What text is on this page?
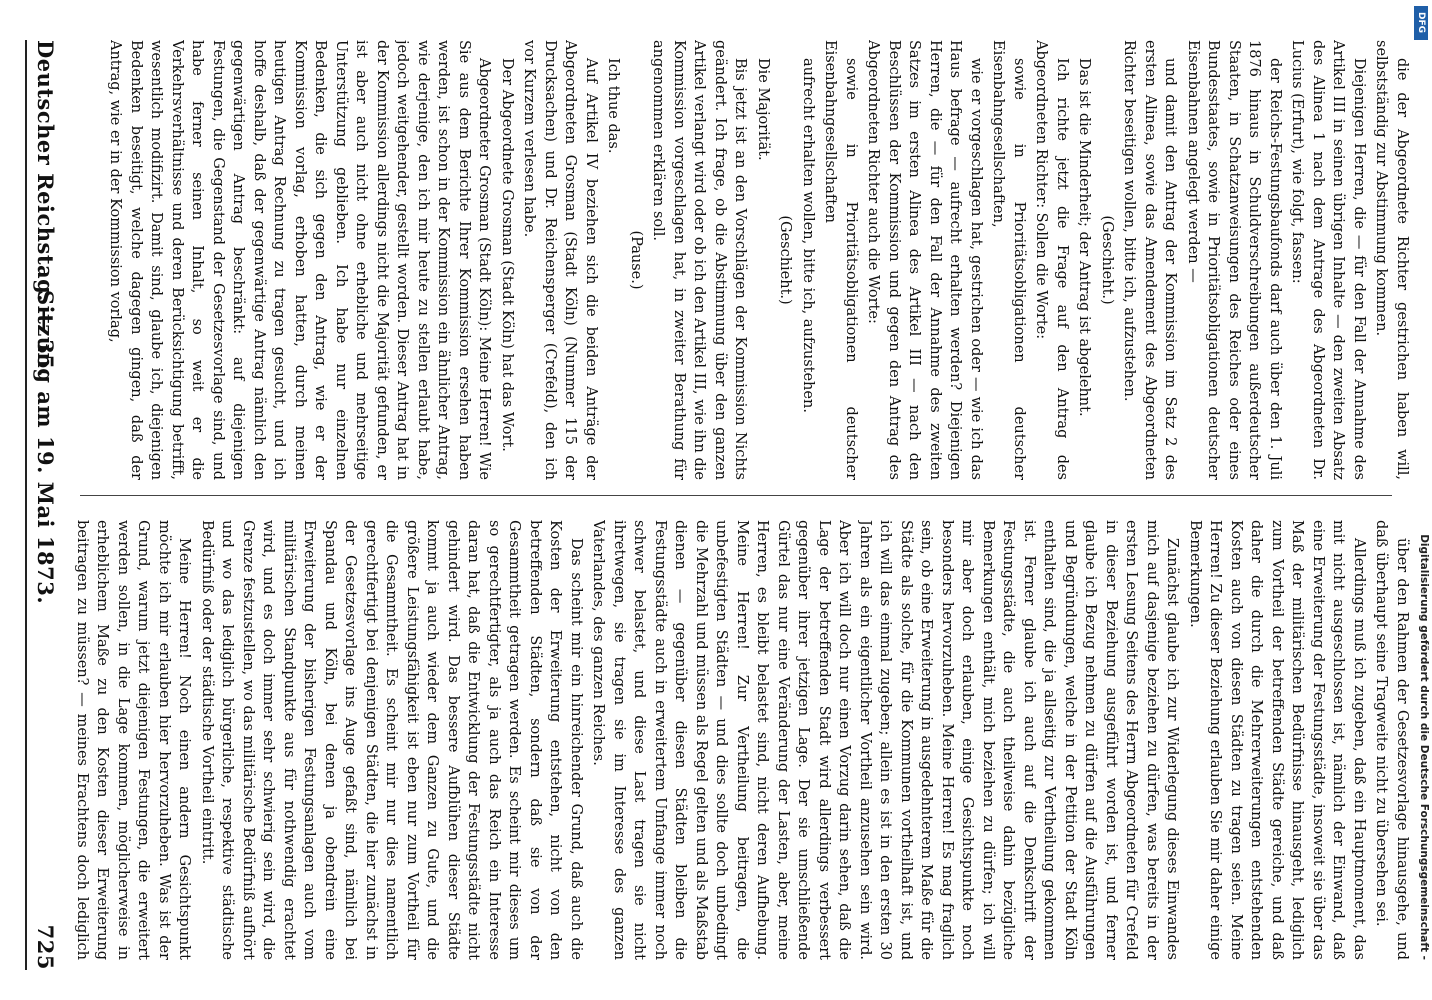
Deutscher Reichstag. — 35.
Sitzung am 19. Mai 1873.
725

die der Abgeordnete Richter gestrichen haben will, selbstständig zur Abstimmung kommen.

Diejenigen Herren, die — für den Fall der Annahme des Artikel III in seinen übrigen Inhalte — den zweiten Absatz des Alinea 1 nach dem Antrage des Abgeordneten Dr. Lucius (Erfurt), wie folgt, fassen:

der Reichs-Festungsbaufonds darf auch über den 1. Juli 1876 hinaus in Schuldverschreibungen außerdeutscher Staaten, in Schatzanweisungen des Reiches oder eines Bundesstaates, sowie in Prioritätsobligationen deutscher Eisenbahnen angelegt werden —

und damit den Antrag der Kommission im Satz 2 des ersten Alinea, sowie das Amendement des Abgeordneten Richter beseitigen wollen, bitte ich, aufzustehen.

(Geschieht.)

Das ist die Minderheit; der Antrag ist abgelehnt.

Ich richte jetzt die Frage auf den Antrag des Abgeordneten Richter: Sollen die Worte:

sowie in Prioritätsobligationen deutscher Eisenbahngesellschaften,

wie er vorgeschlagen hat, gestrichen oder — wie ich das Haus befrage — aufrecht erhalten werden? Diejenigen Herren, die — für den Fall der Annahme des zweiten Satzes im ersten Alinea des Artikel III — nach den Beschlüssen der Kommission und gegen den Antrag des Abgeordneten Richter auch die Worte:

sowie in Prioritätsobligationen deutscher Eisenbahngesellschaften

aufrecht erhalten wollen, bitte ich, aufzustehen.

(Geschieht.)

Die Majorität.

Bis jetzt ist an den Vorschlägen der Kommission Nichts geändert. Ich frage, ob die Abstimmung über den ganzen Artikel verlangt wird oder ob ich den Artikel III, wie ihn die Kommission vorgeschlagen hat, in zweiter Berathung für angenommen erklären soll.

(Pause.)

Ich thue das.

Auf Artikel IV beziehen sich die beiden Anträge der Abgeordneten Grosman (Stadt Köln) (Nummer 115 der Drucksachen) und Dr. Reichensperger (Crefeld), den ich vor Kurzem verlesen habe.

Der Abgeordnete Grosman (Stadt Köln) hat das Wort.

Abgeordneter Grosman (Stadt Köln): Meine Herren! Wie Sie aus dem Berichte Ihrer Kommission ersehen haben werden, ist schon in der Kommission ein ähnlicher Antrag, wie derjenige, den ich mir heute zu stellen erlaubt habe, jedoch weitgehender, gestellt worden. Dieser Antrag hat in der Kommission allerdings nicht die Majorität gefunden, er ist aber auch nicht ohne erhebliche und mehrseitige Unterstützung geblieben. Ich habe nur einzelnen Bedenken, die sich gegen den Antrag, wie er der Kommission vorlag, erhoben hatten, durch meinen heutigen Antrag Rechnung zu tragen gesucht, und ich hoffe deshalb, daß der gegenwärtige Antrag nämlich den gegenwärtigen Antrag beschränkt: auf diejenigen Festungen, die Gegenstand der Gesetzesvorlage sind, und habe ferner seinen Inhalt, so weit er die Verkehrsverhältnisse und deren Berücksichtigung betrifft, wesentlich modifizirt. Damit sind, glaube ich, diejenigen Bedenken beseitigt, welche dagegen gingen, daß der Antrag, wie er in der Kommission vorlag,

über den Rahmen der Gesetzesvorlage hinausgehe, und daß überhaupt seine Tragweite nicht zu übersehen sei.

Allerdings muß ich zugeben, daß ein Hauptmoment, das mit nicht ausgeschlossen ist, nämlich der Einwand, daß eine Erweiterung der Festungsstädte, insoweit sie über das Maß der militärischen Bedürfnisse hinausgeht, lediglich zum Vortheil der betreffenden Städte gereiche, und daß daher die durch die Mehrerweiterungen entstehenden Kosten auch von diesen Städten zu tragen seien. Meine Herren! Zu dieser Beziehung erlauben Sie mir daher einige Bemerkungen.

Zunächst glaube ich zur Widerlegung dieses Einwandes mich auf dasjenige beziehen zu dürfen, was bereits in der ersten Lesung Seitens des Herrn Abgeordneten für Crefeld in dieser Beziehung ausgeführt worden ist, und ferner glaube ich Bezug nehmen zu dürfen auf die Ausführungen und Begründungen, welche in der Petition der Stadt Köln enthalten sind, die ja allseitig zur Vertheilung gekommen ist. Ferner glaube ich auch auf die Denkschrift der Festungsstädte, die auch theilweise dahin bezügliche Bemerkungen enthält, mich beziehen zu dürfen; ich will mir aber doch erlauben, einige Gesichtspunkte noch besonders hervorzuheben. Meine Herren! Es mag fraglich sein, ob eine Erweiterung in ausgedehnterem Maße für die Städte als solche, für die Kommunen vortheilhaft ist, und ich will das einmal zugeben; allein es ist in den ersten 30 Jahren als ein eigentlicher Vortheil anzusehen sein wird. Aber ich will doch nur einen Vorzug darin sehen, daß die Lage der betreffenden Stadt wird allerdings verbessert gegenüber ihrer jetzigen Lage. Der sie umschließende Gürtel das nur eine Veränderung der Lasten, aber, meine Herren, es bleibt belastet sind, nicht deren Aufhebung. Meine Herren! Zur Vertheilung beitragen, die unbefestigten Städten — und dies sollte doch unbedingt die Mehrzahl und müssen als Regel gelten und als Maßstab dienen — gegenüber diesen Städten bleiben die Festungsstädte auch in erweitertem Umfange immer noch schwer belastet, und diese Last tragen sie nicht ihretwegen, sie tragen sie im Interesse des ganzen Vaterlandes, des ganzen Reiches.

Das scheint mir ein hinreichender Grund, daß auch die Kosten der Erweiterung entstehen, nicht von den betreffenden Städten, sondern daß sie von der Gesammtheit getragen werden. Es scheint mir dieses um so gerechtfertigter, als ja auch das Reich ein Interesse daran hat, daß die Entwicklung der Festungsstädte nicht gehindert wird. Das bessere Aufblühen dieser Städte kommt ja auch wieder dem Ganzen zu Gute, und die größere Leistungsfähigkeit ist eben nur zum Vortheil für die Gesammtheit. Es scheint mir nur dies namentlich gerechtfertigt bei denjenigen Städten, die hier zunächst in der Gesetzesvorlage ins Auge gefaßt sind, nämlich bei Spandau und Köln, bei denen ja obendrein eine Erweiterung der bisherigen Festungsanlagen auch vom militärischen Standpunkte aus für nothwendig erachtet wird, und es doch immer sehr schwierig sein wird, die Grenze festzustellen, wo das militärische Bedürfniß aufhört und wo das lediglich bürgerliche, respektive städtische Bedürfniß oder der städtische Vortheil eintritt.

Meine Herren! Noch einen andern Gesichtspunkt möchte ich mir erlauben hier hervorzuheben. Was ist der Grund, warum jetzt diejenigen Festungen, die erweitert werden sollen, in die Lage kommen, möglicherweise in erheblichem Maße zu den Kosten dieser Erweiterung beitragen zu müssen? — meines Erachtens doch lediglich	Digitalisierung gefördert durch die Deutsche Forschungsgemeinschaft -
DFG
